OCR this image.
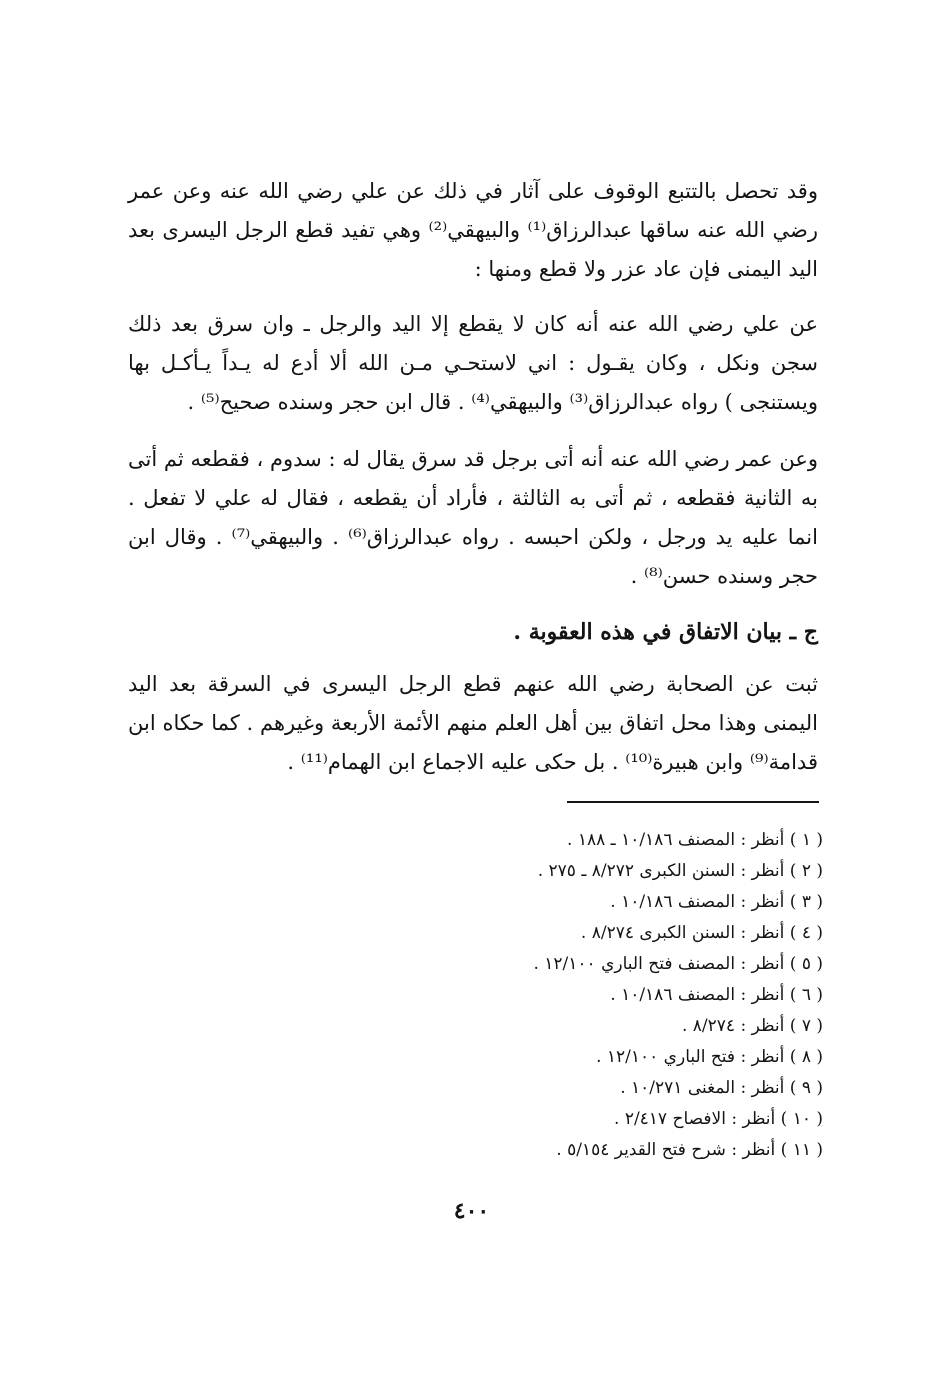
وقد تحصل بالتتبع الوقوف على آثار في ذلك عن علي رضي الله عنه وعن عمر رضي الله عنه ساقها عبدالرزاق⁽¹⁾ والبيهقي⁽²⁾ وهي تفيد قطع الرجل اليسرى بعد اليد اليمنى فإن عاد عزر ولا قطع ومنها :

عن علي رضي الله عنه أنه كان لا يقطع إلا اليد والرجل ـ وان سرق بعد ذلك سجن ونكل ، وكان يقـول : اني لاستحـي مـن الله ألا أدع له يـداً يـأكـل بها ويستنجى ) رواه عبدالرزاق⁽³⁾ والبيهقي⁽⁴⁾ . قال ابن حجر وسنده صحيح⁽⁵⁾ .

وعن عمر رضي الله عنه أنه أتى برجل قد سرق يقال له : سدوم ، فقطعه ثم أتى به الثانية فقطعه ، ثم أتى به الثالثة ، فأراد أن يقطعه ، فقال له علي لا تفعل . انما عليه يد ورجل ، ولكن احبسه . رواه عبدالرزاق⁽⁶⁾ . والبيهقي⁽⁷⁾ . وقال ابن حجر وسنده حسن⁽⁸⁾ .

ج ـ بيان الاتفاق في هذه العقوبة .

ثبت عن الصحابة رضي الله عنهم قطع الرجل اليسرى في السرقة بعد اليد اليمنى وهذا محل اتفاق بين أهل العلم منهم الأئمة الأربعة وغيرهم . كما حكاه ابن قدامة⁽⁹⁾ وابن هبيرة⁽¹⁰⁾ . بل حكى عليه الاجماع ابن الهمام⁽¹¹⁾ .

( ١ ) أنظر : المصنف ١٠/١٨٦ ـ ١٨٨ .
( ٢ ) أنظر : السنن الكبرى ٨/٢٧٢ ـ ٢٧٥ .
( ٣ ) أنظر : المصنف ١٠/١٨٦ .
( ٤ ) أنظر : السنن الكبرى ٨/٢٧٤ .
( ٥ ) أنظر : المصنف فتح الباري ١٢/١٠٠ .
( ٦ ) أنظر : المصنف ١٠/١٨٦ .
( ٧ ) أنظر : ٨/٢٧٤ .
( ٨ ) أنظر : فتح الباري ١٢/١٠٠ .
( ٩ ) أنظر : المغنى ١٠/٢٧١ .
( ١٠ ) أنظر : الافصاح ٢/٤١٧ .
( ١١ ) أنظر : شرح فتح القدير ٥/١٥٤ .
٤٠٠
